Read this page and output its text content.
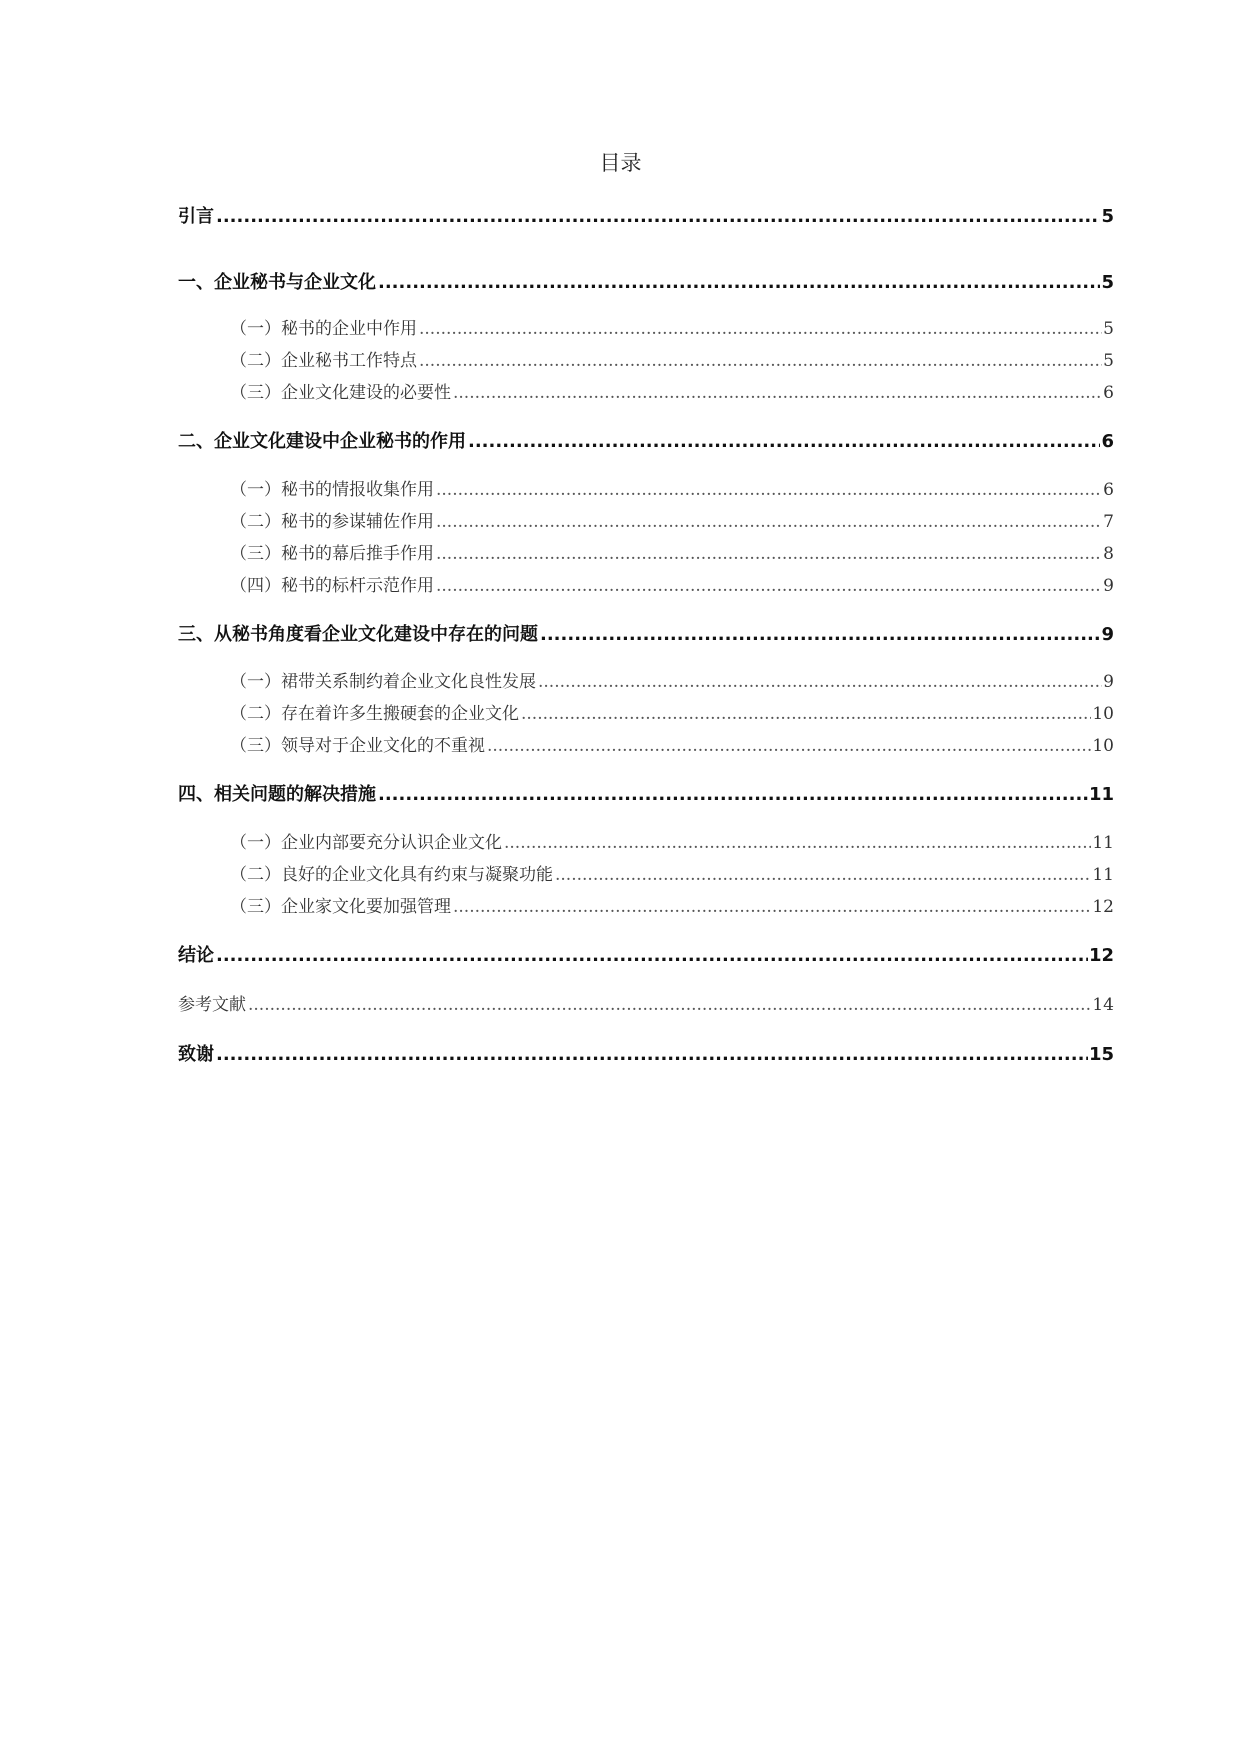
目录
引言 .....	5
一、企业秘书与企业文化 .....	5
（一）秘书的企业中作用 .....	5
（二）企业秘书工作特点 .....	5
（三）企业文化建设的必要性 .....	6
二、企业文化建设中企业秘书的作用 .....	6
（一）秘书的情报收集作用 .....	6
（二）秘书的参谋辅佐作用 .....	7
（三）秘书的幕后推手作用 .....	8
（四）秘书的标杆示范作用 .....	9
三、从秘书角度看企业文化建设中存在的问题 .....	9
（一）裙带关系制约着企业文化良性发展 .....	9
（二）存在着许多生搬硬套的企业文化 .....	10
（三）领导对于企业文化的不重视 .....	10
四、相关问题的解决措施 .....	11
（一）企业内部要充分认识企业文化 .....	11
（二）良好的企业文化具有约束与凝聚功能 .....	11
（三）企业家文化要加强管理 .....	12
结论 .....	12
参考文献 .....	14
致谢 .....	15
